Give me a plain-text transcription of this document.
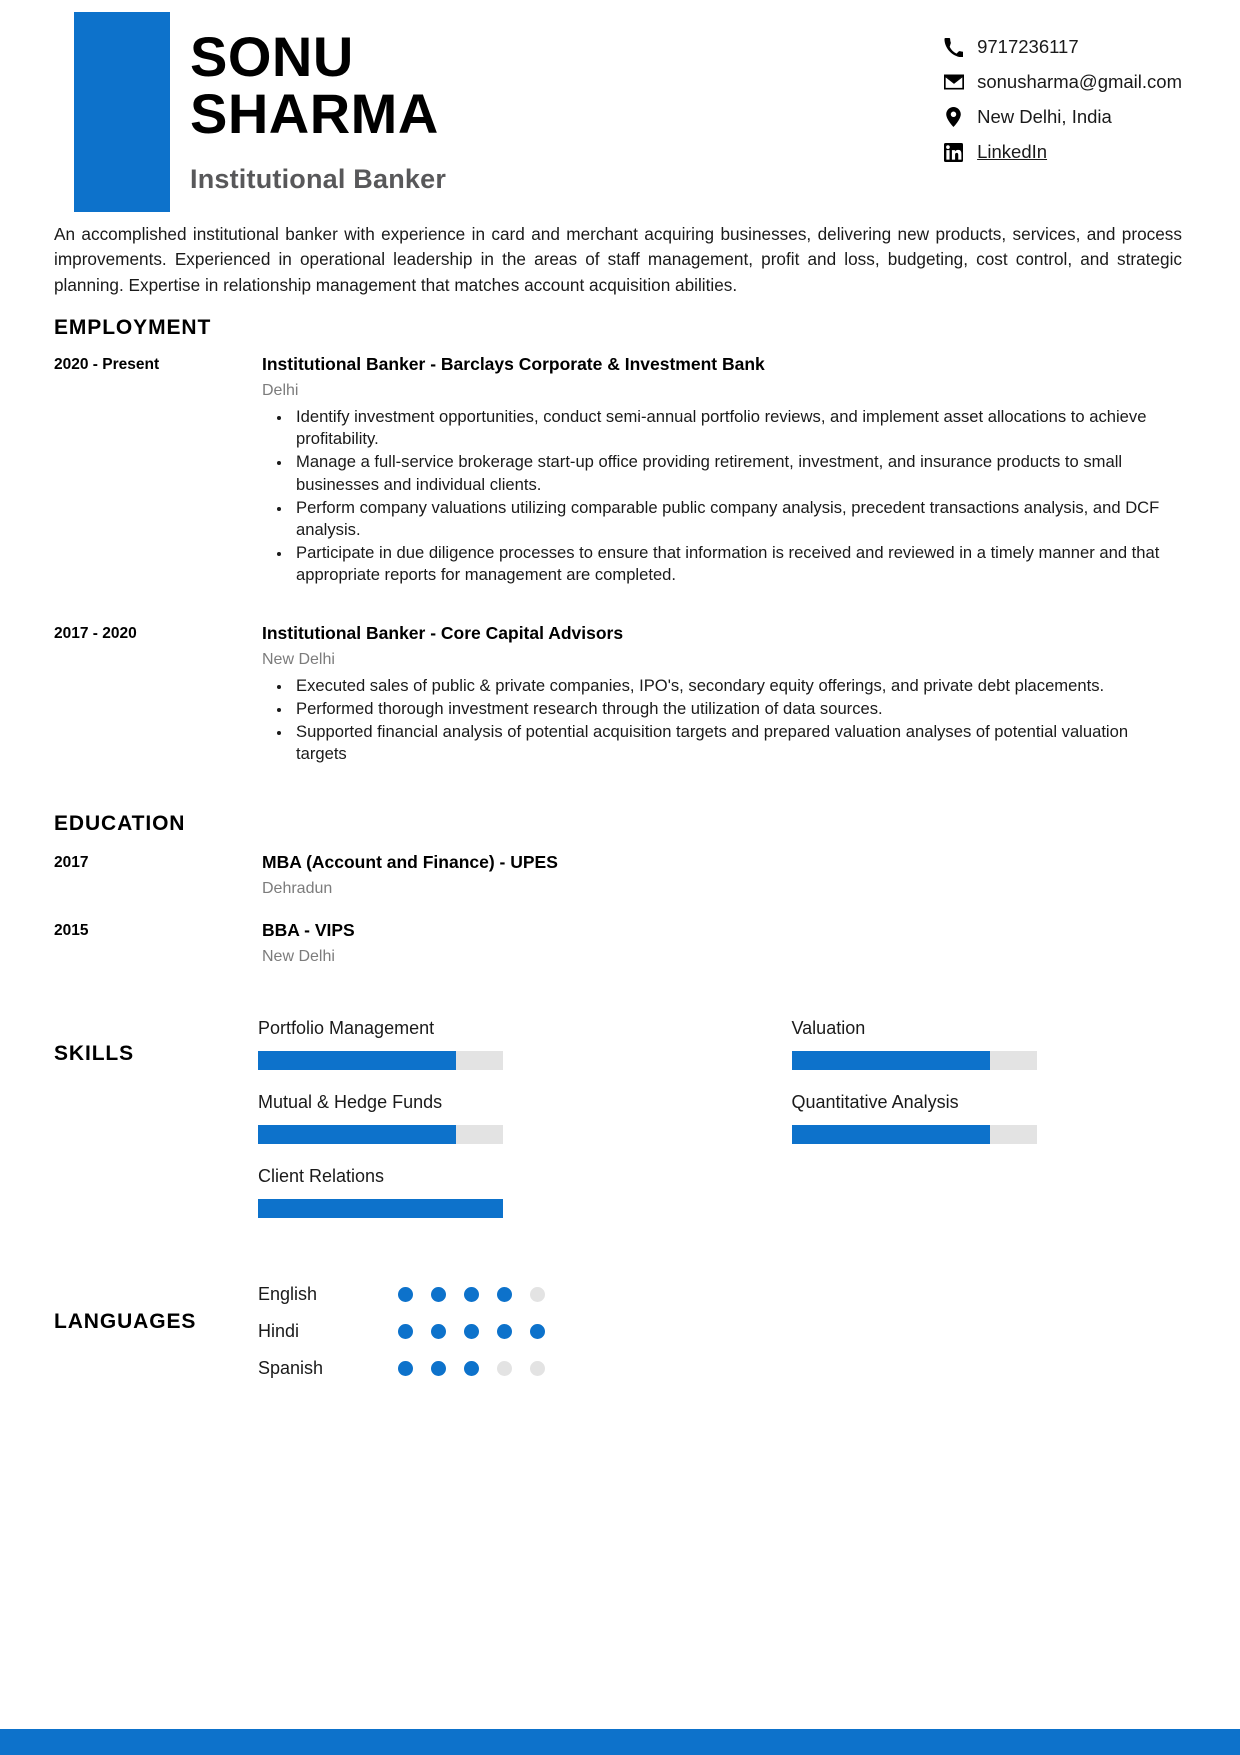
SONU
SHARMA
Institutional Banker
9717236117
sonusharma@gmail.com
New Delhi, India
LinkedIn

An accomplished institutional banker with experience in card and merchant acquiring businesses, delivering new products, services, and process improvements. Experienced in operational leadership in the areas of staff management, profit and loss, budgeting, cost control, and strategic planning. Expertise in relationship management that matches account acquisition abilities.

EMPLOYMENT
2020 - Present	Institutional Banker - Barclays Corporate & Investment Bank
Delhi
• Identify investment opportunities, conduct semi-annual portfolio reviews, and implement asset allocations to achieve profitability.
• Manage a full-service brokerage start-up office providing retirement, investment, and insurance products to small businesses and individual clients.
• Perform company valuations utilizing comparable public company analysis, precedent transactions analysis, and DCF analysis.
• Participate in due diligence processes to ensure that information is received and reviewed in a timely manner and that appropriate reports for management are completed.
2017 - 2020	Institutional Banker - Core Capital Advisors
New Delhi
• Executed sales of public & private companies, IPO's, secondary equity offerings, and private debt placements.
• Performed thorough investment research through the utilization of data sources.
• Supported financial analysis of potential acquisition targets and prepared valuation analyses of potential valuation targets
EDUCATION
2017	MBA (Account and Finance) - UPES
Dehradun
2015	BBA - VIPS
New Delhi
SKILLS
Portfolio Management	Valuation
Mutual & Hedge Funds	Quantitative Analysis
Client Relations
LANGUAGES
English
Hindi
Spanish
